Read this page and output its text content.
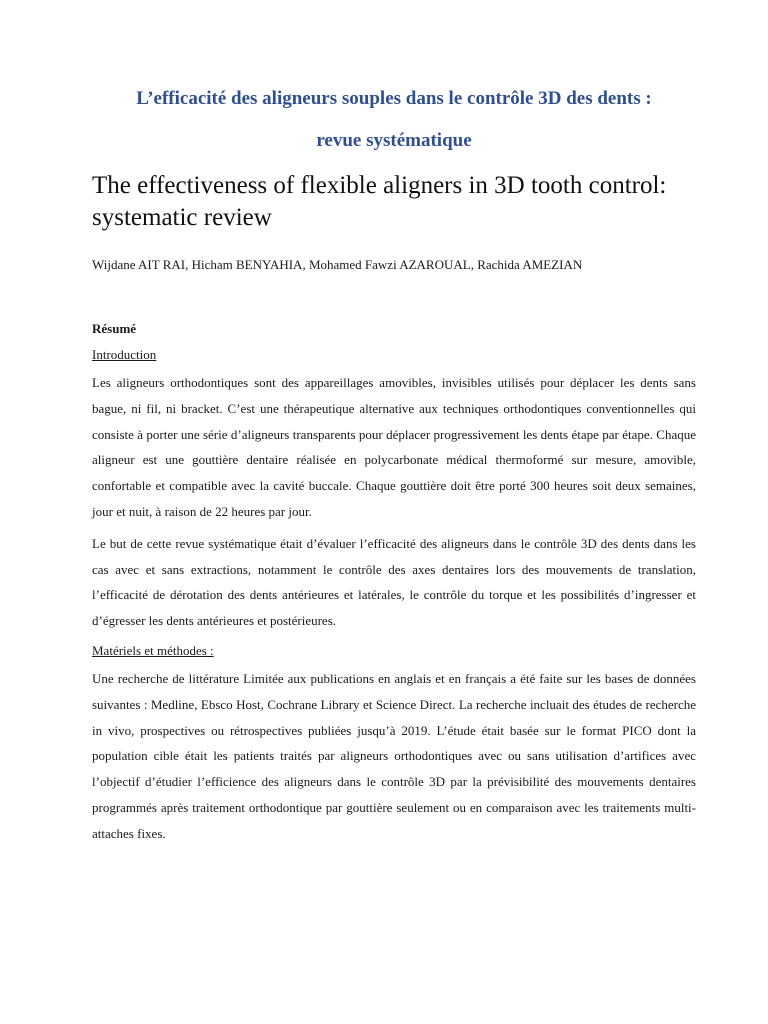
L’efficacité des aligneurs souples dans le contrôle 3D des dents :
revue systématique

The effectiveness of flexible aligners in 3D tooth control: systematic review

Wijdane AIT RAI, Hicham BENYAHIA, Mohamed Fawzi AZAROUAL, Rachida AMEZIAN

Résumé

Introduction

Les aligneurs orthodontiques sont des appareillages amovibles, invisibles utilisés pour déplacer les dents sans bague, ni fil, ni bracket. C’est une thérapeutique alternative aux techniques orthodontiques conventionnelles qui consiste à porter une série d’aligneurs transparents pour déplacer progressivement les dents étape par étape. Chaque aligneur est une gouttière dentaire réalisée en polycarbonate médical thermoformé sur mesure, amovible, confortable et compatible avec la cavité buccale. Chaque gouttière doit être porté 300 heures soit deux semaines, jour et nuit, à raison de 22 heures par jour.

Le but de cette revue systématique était d’évaluer l’efficacité des aligneurs dans le contrôle 3D des dents dans les cas avec et sans extractions, notamment le contrôle des axes dentaires lors des mouvements de translation, l’efficacité de dérotation des dents antérieures et latérales, le contrôle du torque et les possibilités d’ingresser et d’égresser les dents antérieures et postérieures.

Matériels et méthodes :

Une recherche de littérature Limitée aux publications en anglais et en français a été faite sur les bases de données suivantes : Medline, Ebsco Host, Cochrane Library et Science Direct. La recherche incluait des études de recherche in vivo, prospectives ou rétrospectives publiées jusqu’à 2019. L’étude était basée sur le format PICO dont la population cible était les patients traités par aligneurs orthodontiques avec ou sans utilisation d’artifices avec l’objectif d’étudier l’efficience des aligneurs dans le contrôle 3D par la prévisibilité des mouvements dentaires programmés après traitement orthodontique par gouttière seulement ou en comparaison avec les traitements multi-attaches fixes.
